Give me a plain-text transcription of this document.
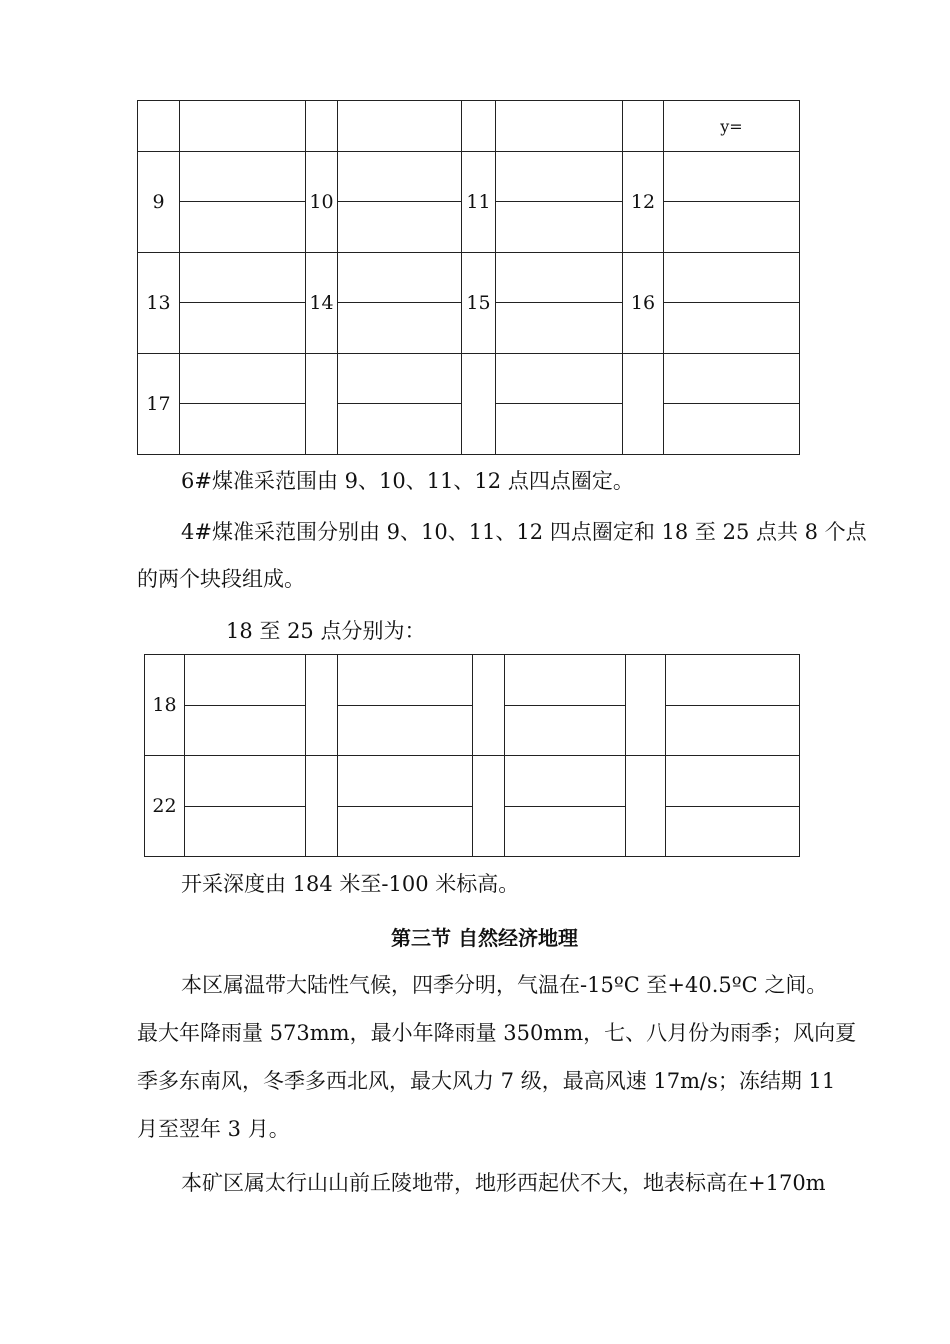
							y=
9		10		11		12	

13		14		15		16	

17							

6#煤准采范围由 9、10、11、12 点四点圈定。

4#煤准采范围分别由 9、10、11、12 四点圈定和 18 至 25 点共 8 个点

的两个块段组成。

18 至 25 点分别为：

18							

22							

开采深度由 184 米至-100 米标高。

第三节 自然经济地理

本区属温带大陆性气候，四季分明，气温在-15ºC 至+40.5ºC 之间。

最大年降雨量 573mm，最小年降雨量 350mm，七、八月份为雨季；风向夏

季多东南风，冬季多西北风，最大风力 7 级，最高风速 17m/s；冻结期 11

月至翌年 3 月。

本矿区属太行山山前丘陵地带，地形西起伏不大，地表标高在+170m
